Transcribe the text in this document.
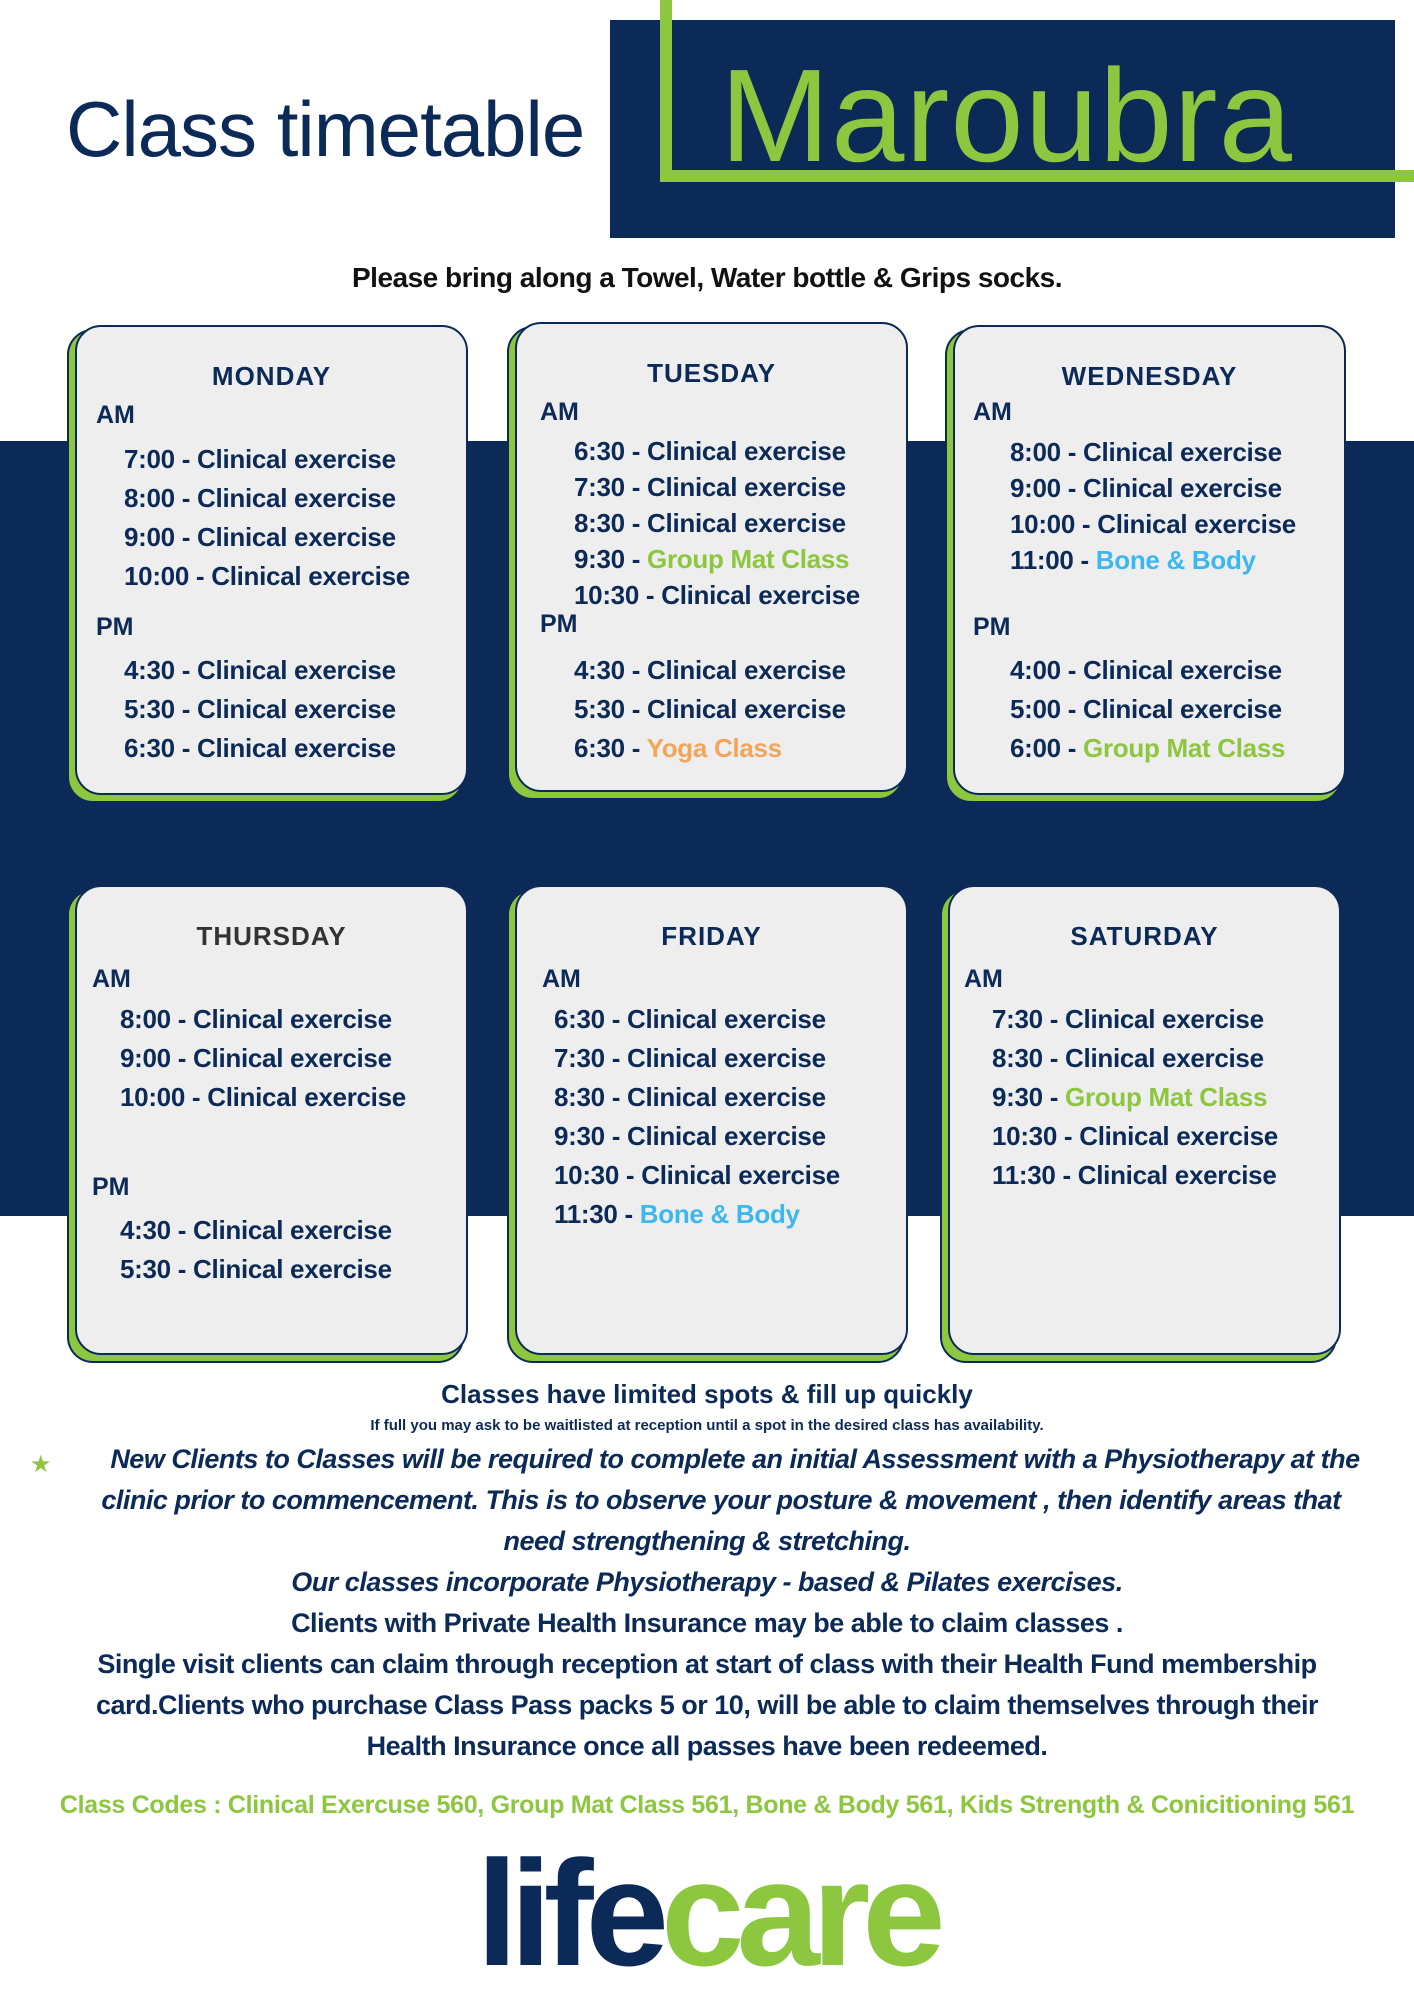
Class timetable Maroubra
Please bring along a Towel, Water bottle & Grips socks.
MONDAY
AM
7:00 - Clinical exercise
8:00 - Clinical exercise
9:00 - Clinical exercise
10:00 - Clinical exercise
PM
4:30 - Clinical exercise
5:30 - Clinical exercise
6:30 - Clinical exercise
TUESDAY
AM
6:30 - Clinical exercise
7:30 - Clinical exercise
8:30 - Clinical exercise
9:30 - Group Mat Class
10:30 - Clinical exercise
PM
4:30 - Clinical exercise
5:30 - Clinical exercise
6:30 - Yoga Class
WEDNESDAY
AM
8:00 - Clinical exercise
9:00 - Clinical exercise
10:00 - Clinical exercise
11:00 - Bone & Body
PM
4:00 - Clinical exercise
5:00 - Clinical exercise
6:00 - Group Mat Class
THURSDAY
AM
8:00 - Clinical exercise
9:00 - Clinical exercise
10:00 - Clinical exercise
PM
4:30 - Clinical exercise
5:30 - Clinical exercise
FRIDAY
AM
6:30 - Clinical exercise
7:30 - Clinical exercise
8:30 - Clinical exercise
9:30 - Clinical exercise
10:30 - Clinical exercise
11:30 - Bone & Body
SATURDAY
AM
7:30 - Clinical exercise
8:30 - Clinical exercise
9:30 - Group Mat Class
10:30 - Clinical exercise
11:30 - Clinical exercise
Classes have limited spots & fill up quickly
If full you may ask to be waitlisted at reception until a spot in the desired class has availability.
★	New Clients to Classes will be required to complete an initial Assessment with a Physiotherapy at the
clinic prior to commencement. This is to observe your posture & movement , then identify areas that
need strengthening & stretching.
Our classes incorporate Physiotherapy - based & Pilates exercises.
Clients with Private Health Insurance may be able to claim classes .
Single visit clients can claim through reception at start of class with their Health Fund membership
card.Clients who purchase Class Pass packs 5 or 10, will be able to claim themselves through their
Health Insurance once all passes have been redeemed.
Class Codes : Clinical Exercuse 560, Group Mat Class 561, Bone & Body 561, Kids Strength & Conicitioning 561
lifecare
